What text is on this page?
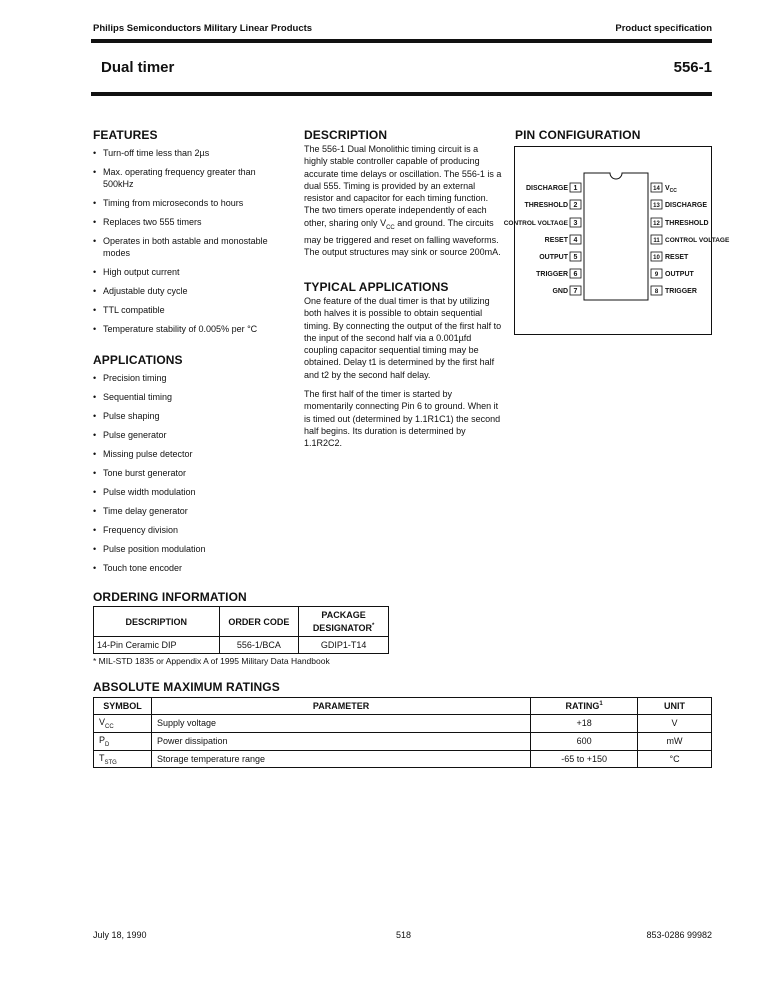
Philips Semiconductors Military Linear Products	Product specification
Dual timer	556-1
FEATURES
• Turn-off time less than 2µs
• Max. operating frequency greater than 500kHz
• Timing from microseconds to hours
• Replaces two 555 timers
• Operates in both astable and monostable modes
• High output current
• Adjustable duty cycle
• TTL compatible
• Temperature stability of 0.005% per °C
APPLICATIONS
• Precision timing
• Sequential timing
• Pulse shaping
• Pulse generator
• Missing pulse detector
• Tone burst generator
• Pulse width modulation
• Time delay generator
• Frequency division
• Pulse position modulation
• Touch tone encoder
DESCRIPTION

The 556-1 Dual Monolithic timing circuit is a highly stable controller capable of producing accurate time delays or oscillation. The 556-1 is a dual 555. Timing is provided by an external resistor and capacitor for each timing function. The two timers operate independently of each other, sharing only $V_{CC}$ and ground. The circuits may be triggered and reset on falling waveforms. The output structures may sink or source 200mA.

TYPICAL APPLICATIONS

One feature of the dual timer is that by utilizing both halves it is possible to obtain sequential timing. By connecting the output of the first half to the input of the second half via a 0.001µfd coupling capacitor sequential timing may be obtained. Delay t1 is determined by the first half and t2 by the second half delay.

The first half of the timer is started by momentarily connecting Pin 6 to ground. When it is timed out (determined by 1.1R1C1) the second half begins. Its duration is determined by 1.1R2C2.

PIN CONFIGURATION
1
DISCHARGE
2
THRESHOLD
3
CONTROL VOLTAGE
4
RESET
5
OUTPUT
6
TRIGGER
7
GND
14 $V_{CC}$
13 DISCHARGE
12 THRESHOLD
11 CONTROL VOLTAGE
10 RESET
9 OUTPUT
8 TRIGGER
ORDERING INFORMATION
DESCRIPTION	ORDER CODE	PACKAGE
DESIGNATOR*
14-Pin Ceramic DIP	556-1/BCA	GDIP1-T14
* MIL-STD 1835 or Appendix A of 1995 Military Data Handbook
ABSOLUTE MAXIMUM RATINGS
SYMBOL	PARAMETER	RATING$^1$	UNIT
$V_{CC}$	Supply voltage	+18	V
$P_D$	Power dissipation	600	mW
$T_{STG}$	Storage temperature range	-65 to +150	°C
July 18, 1990	518	853-0286 99982
